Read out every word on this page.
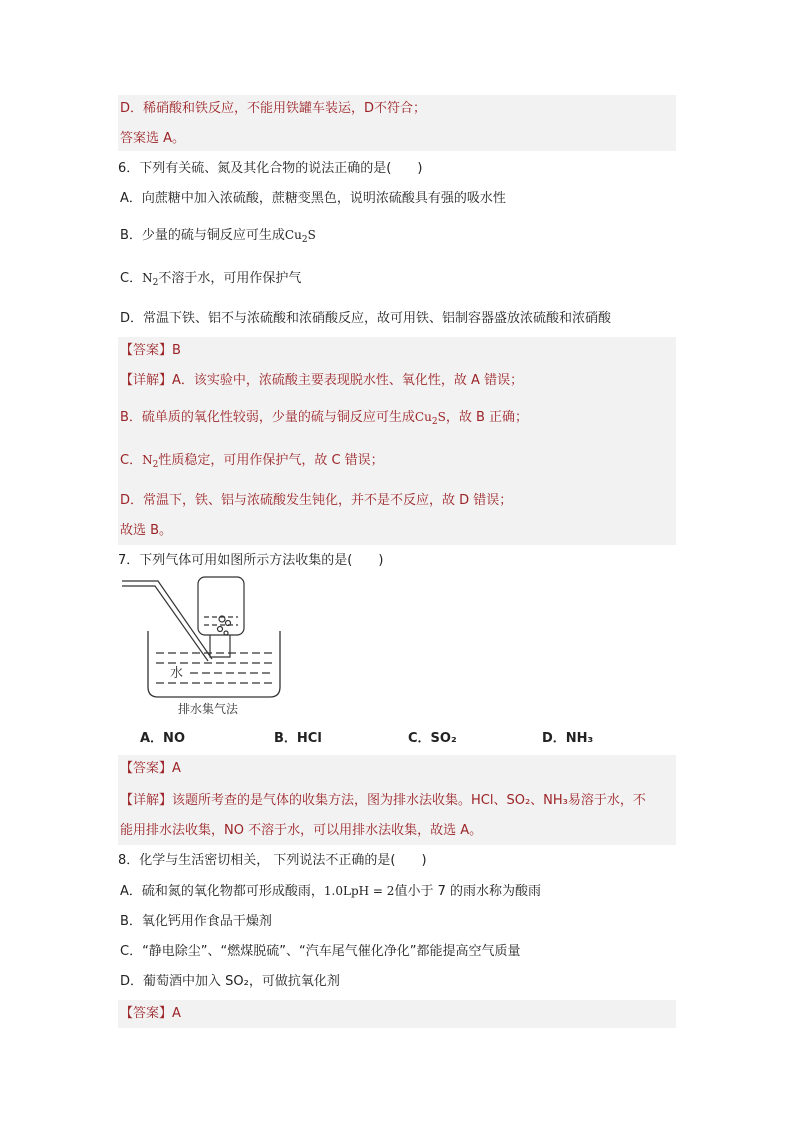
D．稀硝酸和铁反应，不能用铁罐车装运，D不符合；
答案选 A。
6．下列有关硫、氮及其化合物的说法正确的是(　　)
A．向蔗糖中加入浓硫酸，蔗糖变黑色，说明浓硫酸具有强的吸水性
B．少量的硫与铜反应可生成$Cu_2S$
C．$N_2$不溶于水，可用作保护气
D．常温下铁、铝不与浓硫酸和浓硝酸反应，故可用铁、铝制容器盛放浓硫酸和浓硝酸
【答案】B
【详解】A．该实验中，浓硫酸主要表现脱水性、氧化性，故 A 错误；
B．硫单质的氧化性较弱，少量的硫与铜反应可生成$Cu_2S$，故 B 正确；
C．$N_2$性质稳定，可用作保护气，故 C 错误；
D．常温下，铁、铝与浓硫酸发生钝化，并不是不反应，故 D 错误；
故选 B。
7．下列气体可用如图所示方法收集的是(　　)
水
排水集气法
A．NO	B．HCl	C．SO₂	D．NH₃
【答案】A
【详解】该题所考查的是气体的收集方法，图为排水法收集。HCl、SO₂、NH₃易溶于水，不
能用排水法收集，NO 不溶于水，可以用排水法收集，故选 A。
8．化学与生活密切相关， 下列说法不正确的是(　　)
A．硫和氮的氧化物都可形成酸雨，1.0LpH = 2值小于 7 的雨水称为酸雨
B．氧化钙用作食品干燥剂
C．“静电除尘”、“燃煤脱硫”、“汽车尾气催化净化”都能提高空气质量
D．葡萄酒中加入 SO₂，可做抗氧化剂
【答案】A
